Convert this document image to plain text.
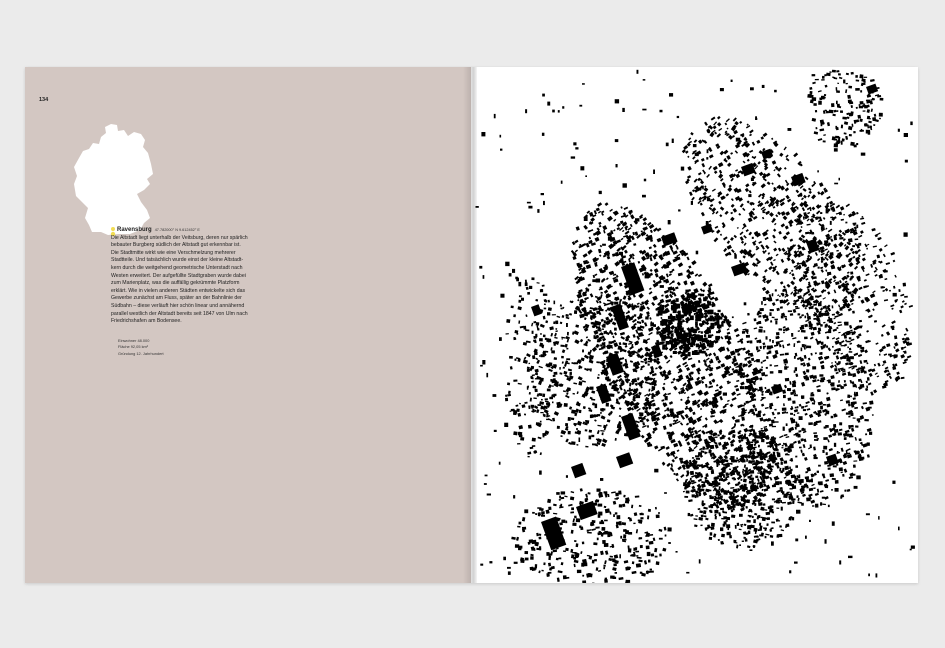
134
Ravensburg 47.782000° N 9.612452° E
Die Altstadt liegt unterhalb der Veitsburg, deren nur spärlich
bebauter Burgberg südlich der Altstadt gut erkennbar ist.
Die Stadtmitte wirkt wie eine Verschmelzung mehrerer
Stadtteile. Und tatsächlich wurde einst der kleine Altstadt-
kern durch die weitgehend geometrische Unterstadt nach
Westen erweitert. Der aufgefüllte Stadtgraben wurde dabei
zum Marienplatz, was die auffällig gekrümmte Platzform
erklärt. Wie in vielen anderen Städten entwickelte sich das
Gewerbe zunächst am Fluss, später an der Bahnlinie der
Südbahn – diese verläuft hier schön linear und annähernd
parallel westlich der Altstadt bereits seit 1847 von Ulm nach
Friedrichshafen am Bodensee.
Einwohner 48.000
Fläche 92,05 km²
Gründung 12. Jahrhundert
